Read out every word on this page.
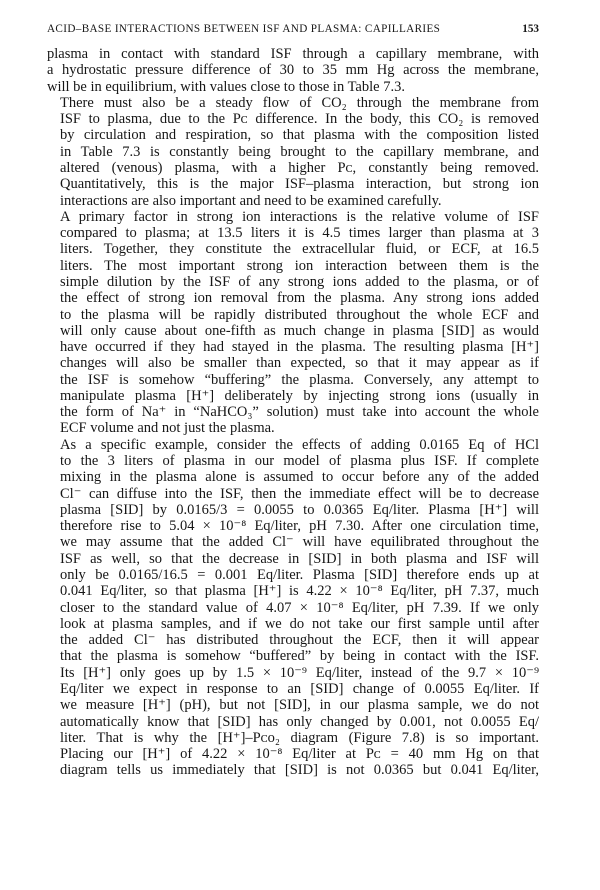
ACID–BASE INTERACTIONS BETWEEN ISF AND PLASMA: CAPILLARIES	153
plasma in contact with standard ISF through a capillary membrane, with
a hydrostatic pressure difference of 30 to 35 mm Hg across the membrane,
will be in equilibrium, with values close to those in Table 7.3.
There must also be a steady flow of CO₂ through the membrane from
ISF to plasma, due to the Pᴄ difference. In the body, this CO₂ is removed
by circulation and respiration, so that plasma with the composition listed
in Table 7.3 is constantly being brought to the capillary membrane, and
altered (venous) plasma, with a higher Pᴄ, constantly being removed.
Quantitatively, this is the major ISF–plasma interaction, but strong ion
interactions are also important and need to be examined carefully.
A primary factor in strong ion interactions is the relative volume of ISF
compared to plasma; at 13.5 liters it is 4.5 times larger than plasma at 3
liters. Together, they constitute the extracellular fluid, or ECF, at 16.5
liters. The most important strong ion interaction between them is the
simple dilution by the ISF of any strong ions added to the plasma, or of
the effect of strong ion removal from the plasma. Any strong ions added
to the plasma will be rapidly distributed throughout the whole ECF and
will only cause about one-fifth as much change in plasma [SID] as would
have occurred if they had stayed in the plasma. The resulting plasma [H⁺]
changes will also be smaller than expected, so that it may appear as if
the ISF is somehow “buffering” the plasma. Conversely, any attempt to
manipulate plasma [H⁺] deliberately by injecting strong ions (usually in
the form of Na⁺ in “NaHCO₃” solution) must take into account the whole
ECF volume and not just the plasma.
As a specific example, consider the effects of adding 0.0165 Eq of HCl
to the 3 liters of plasma in our model of plasma plus ISF. If complete
mixing in the plasma alone is assumed to occur before any of the added
Cl⁻ can diffuse into the ISF, then the immediate effect will be to decrease
plasma [SID] by 0.0165/3 = 0.0055 to 0.0365 Eq/liter. Plasma [H⁺] will
therefore rise to 5.04 × 10⁻⁸ Eq/liter, pH 7.30. After one circulation time,
we may assume that the added Cl⁻ will have equilibrated throughout the
ISF as well, so that the decrease in [SID] in both plasma and ISF will
only be 0.0165/16.5 = 0.001 Eq/liter. Plasma [SID] therefore ends up at
0.041 Eq/liter, so that plasma [H⁺] is 4.22 × 10⁻⁸ Eq/liter, pH 7.37, much
closer to the standard value of 4.07 × 10⁻⁸ Eq/liter, pH 7.39. If we only
look at plasma samples, and if we do not take our first sample until after
the added Cl⁻ has distributed throughout the ECF, then it will appear
that the plasma is somehow “buffered” by being in contact with the ISF.
Its [H⁺] only goes up by 1.5 × 10⁻⁹ Eq/liter, instead of the 9.7 × 10⁻⁹
Eq/liter we expect in response to an [SID] change of 0.0055 Eq/liter. If
we measure [H⁺] (pH), but not [SID], in our plasma sample, we do not
automatically know that [SID] has only changed by 0.001, not 0.0055 Eq/
liter. That is why the [H⁺]–Pᴄᴏ₂ diagram (Figure 7.8) is so important.
Placing our [H⁺] of 4.22 × 10⁻⁸ Eq/liter at Pᴄ = 40 mm Hg on that
diagram tells us immediately that [SID] is not 0.0365 but 0.041 Eq/liter,
